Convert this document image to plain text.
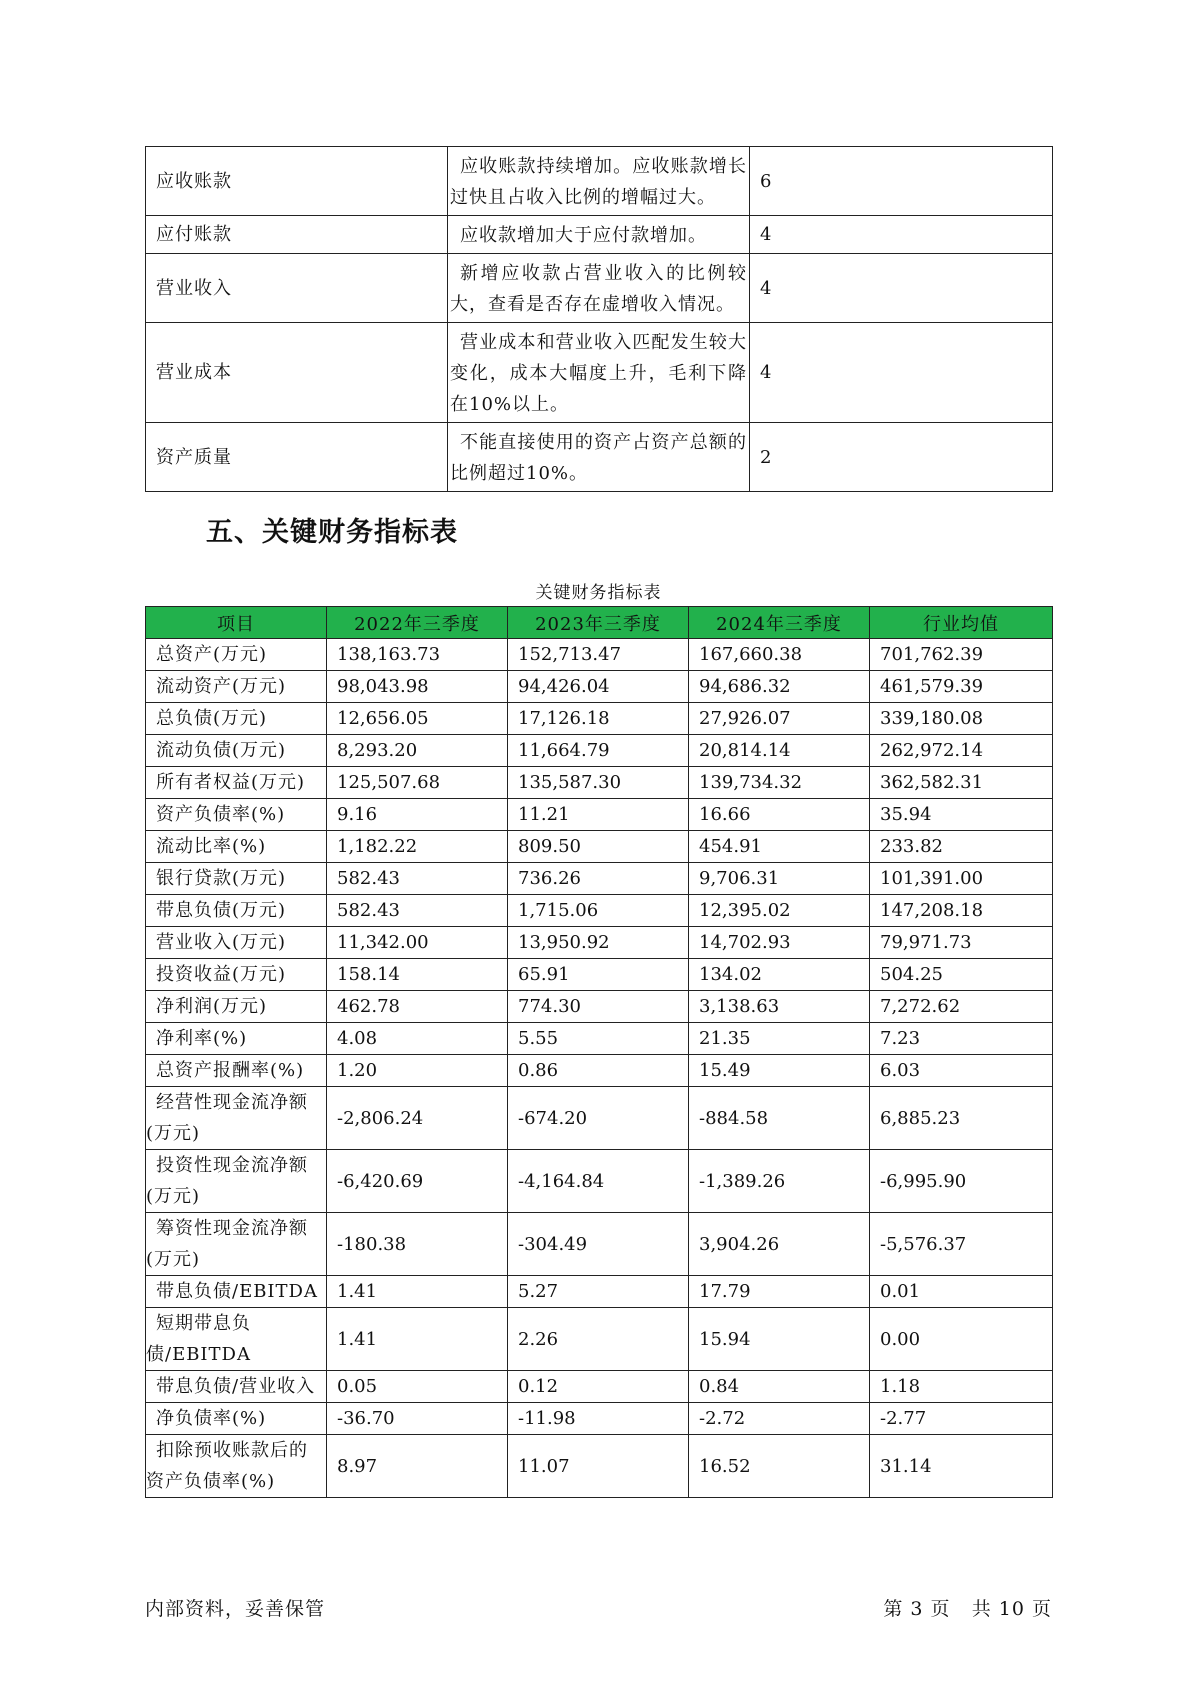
应收账款	应收账款持续增加。应收账款增长过快且占收入比例的增幅过大。	6
应付账款	应收款增加大于应付款增加。	4
营业收入	新增应收款占营业收入的比例较大，查看是否存在虚增收入情况。	4
营业成本	营业成本和营业收入匹配发生较大变化，成本大幅度上升，毛利下降在10%以上。	4
资产质量	不能直接使用的资产占资产总额的比例超过10%。	2
五、关键财务指标表
关键财务指标表
项目	2022年三季度	2023年三季度	2024年三季度	行业均值
总资产(万元)	138,163.73	152,713.47	167,660.38	701,762.39
流动资产(万元)	98,043.98	94,426.04	94,686.32	461,579.39
总负债(万元)	12,656.05	17,126.18	27,926.07	339,180.08
流动负债(万元)	8,293.20	11,664.79	20,814.14	262,972.14
所有者权益(万元)	125,507.68	135,587.30	139,734.32	362,582.31
资产负债率(%)	9.16	11.21	16.66	35.94
流动比率(%)	1,182.22	809.50	454.91	233.82
银行贷款(万元)	582.43	736.26	9,706.31	101,391.00
带息负债(万元)	582.43	1,715.06	12,395.02	147,208.18
营业收入(万元)	11,342.00	13,950.92	14,702.93	79,971.73
投资收益(万元)	158.14	65.91	134.02	504.25
净利润(万元)	462.78	774.30	3,138.63	7,272.62
净利率(%)	4.08	5.55	21.35	7.23
总资产报酬率(%)	1.20	0.86	15.49	6.03
经营性现金流净额(万元)	-2,806.24	-674.20	-884.58	6,885.23
投资性现金流净额(万元)	-6,420.69	-4,164.84	-1,389.26	-6,995.90
筹资性现金流净额(万元)	-180.38	-304.49	3,904.26	-5,576.37
带息负债/EBITDA	1.41	5.27	17.79	0.01
短期带息负债/EBITDA	1.41	2.26	15.94	0.00
带息负债/营业收入	0.05	0.12	0.84	1.18
净负债率(%)	-36.70	-11.98	-2.72	-2.77
扣除预收账款后的资产负债率(%)	8.97	11.07	16.52	31.14
内部资料，妥善保管	第 3 页 共 10 页
